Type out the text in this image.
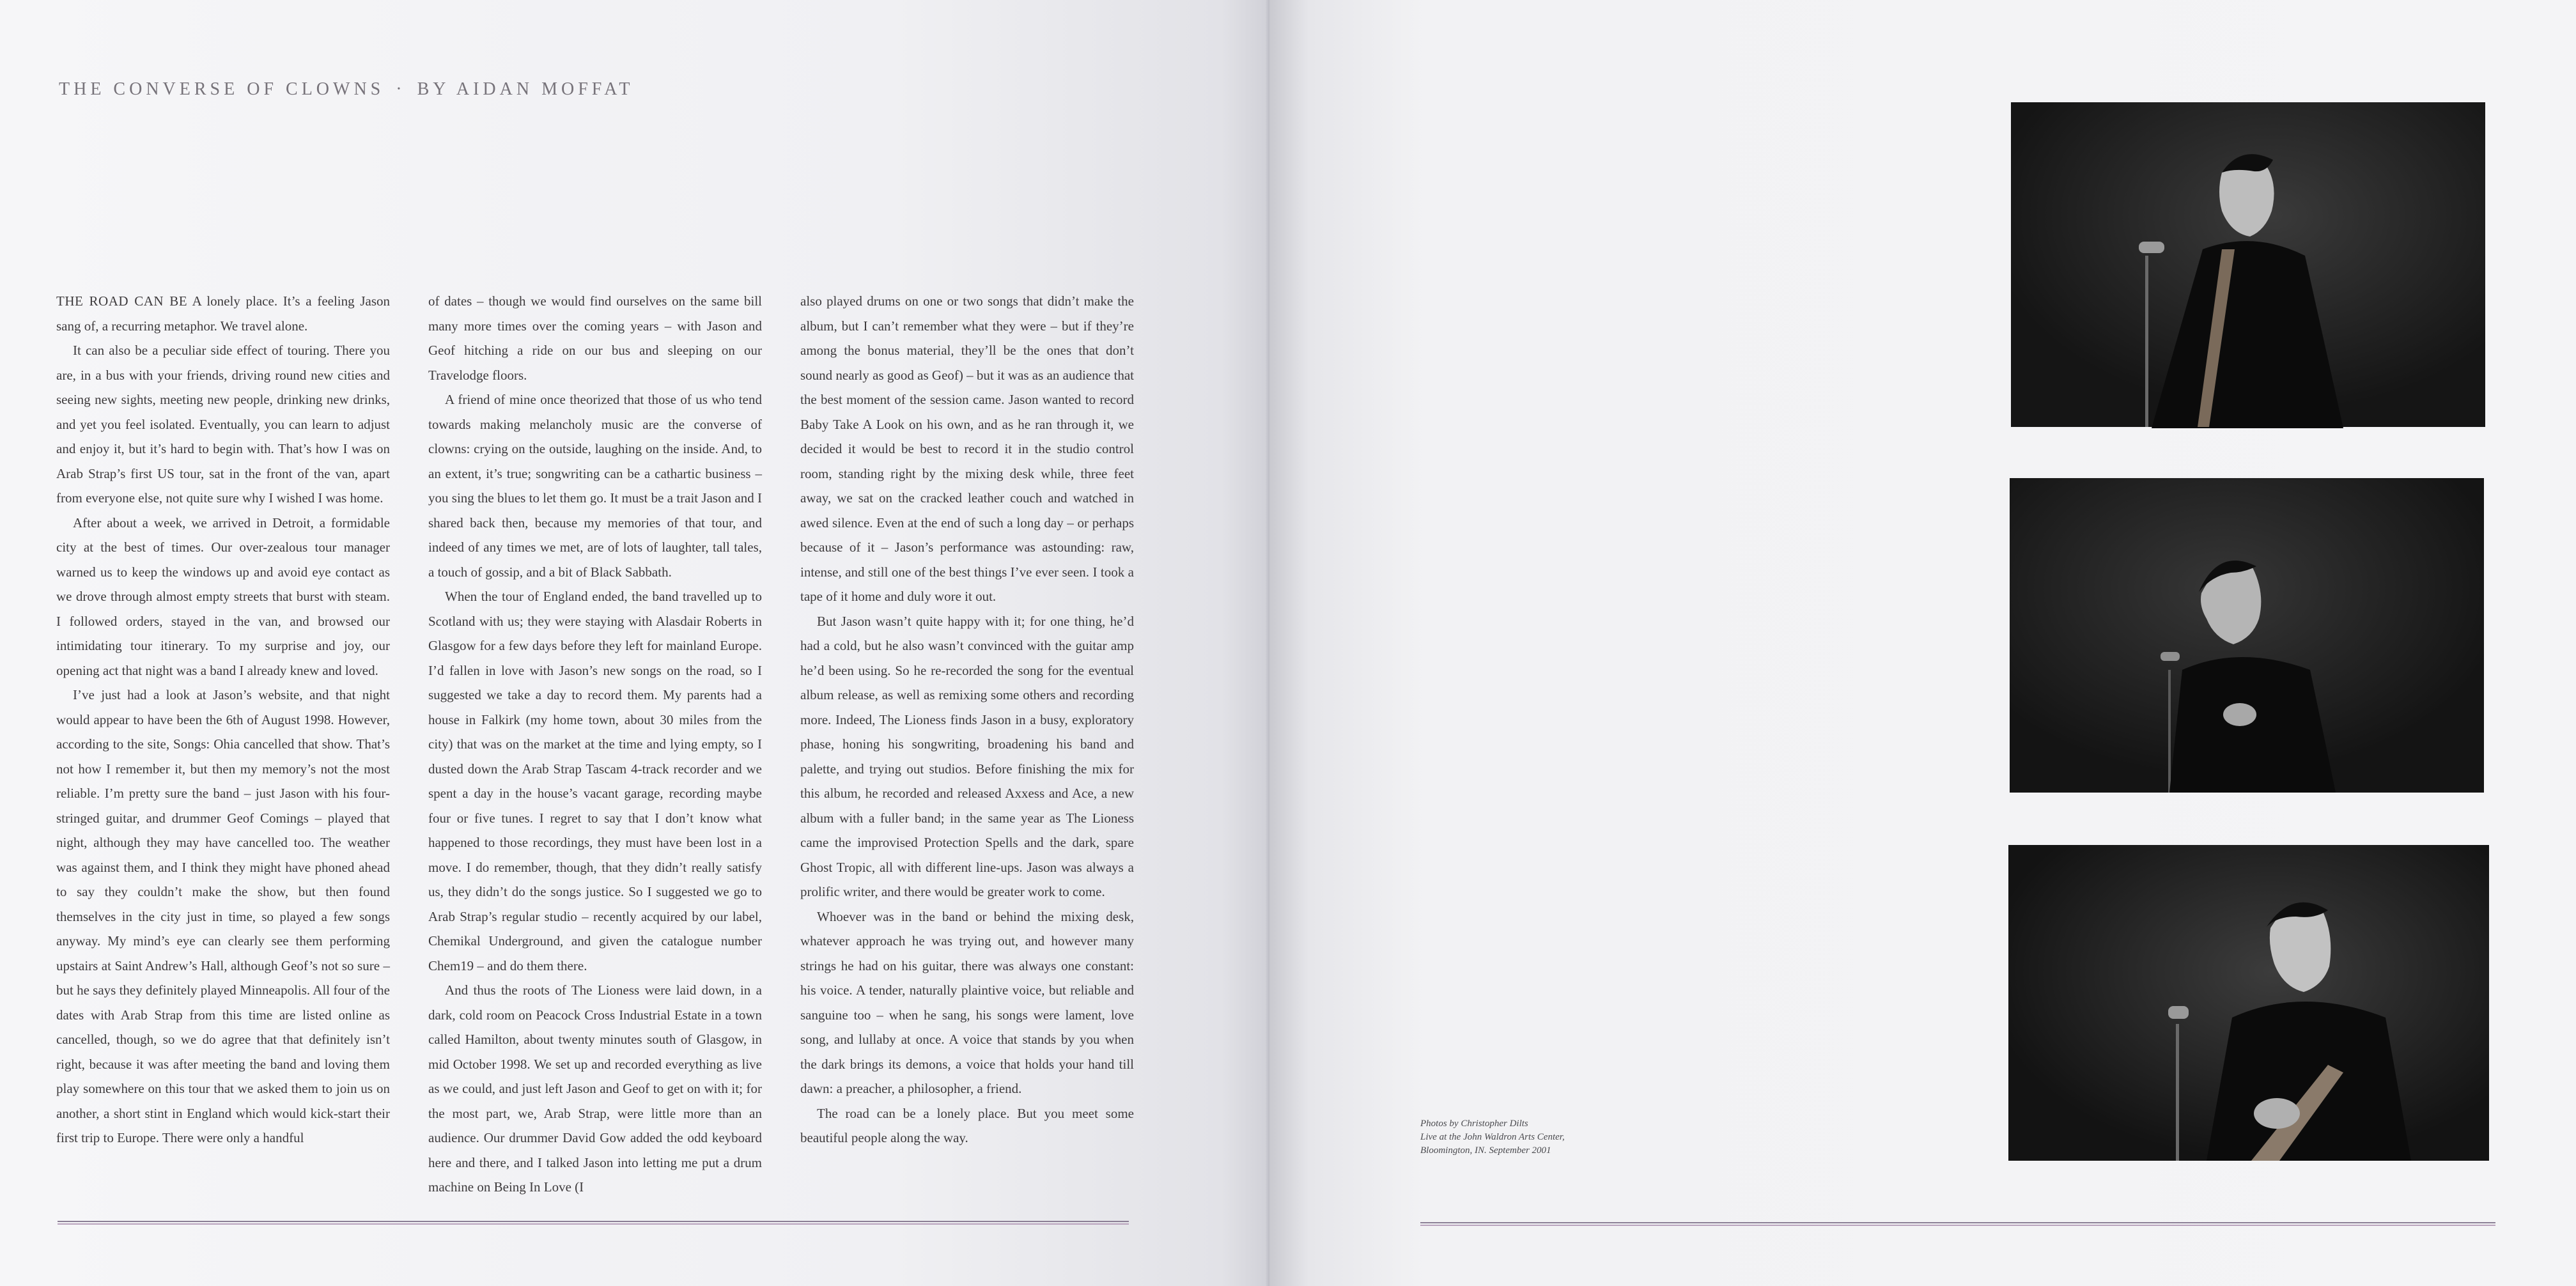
THE CONVERSE OF CLOWNS · BY AIDAN MOFFAT

THE ROAD CAN BE A lonely place. It’s a feeling Jason sang of, a recurring metaphor. We travel alone.

It can also be a peculiar side effect of touring. There you are, in a bus with your friends, driving round new cities and seeing new sights, meeting new people, drinking new drinks, and yet you feel isolated. Eventually, you can learn to adjust and enjoy it, but it’s hard to begin with. That’s how I was on Arab Strap’s first US tour, sat in the front of the van, apart from everyone else, not quite sure why I wished I was home.

After about a week, we arrived in Detroit, a formidable city at the best of times. Our over-zealous tour manager warned us to keep the windows up and avoid eye contact as we drove through almost empty streets that burst with steam. I followed orders, stayed in the van, and browsed our intimidating tour itinerary. To my surprise and joy, our opening act that night was a band I already knew and loved.

I’ve just had a look at Jason’s website, and that night would appear to have been the 6th of August 1998. However, according to the site, Songs: Ohia cancelled that show. That’s not how I remember it, but then my memory’s not the most reliable. I’m pretty sure the band – just Jason with his four-stringed guitar, and drummer Geof Comings – played that night, although they may have cancelled too. The weather was against them, and I think they might have phoned ahead to say they couldn’t make the show, but then found themselves in the city just in time, so played a few songs anyway. My mind’s eye can clearly see them performing upstairs at Saint Andrew’s Hall, although Geof’s not so sure – but he says they definitely played Minneapolis. All four of the dates with Arab Strap from this time are listed online as cancelled, though, so we do agree that that definitely isn’t right, because it was after meeting the band and loving them play somewhere on this tour that we asked them to join us on another, a short stint in England which would kick-start their first trip to Europe. There were only a handful

of dates – though we would find ourselves on the same bill many more times over the coming years – with Jason and Geof hitching a ride on our bus and sleeping on our Travelodge floors.

A friend of mine once theorized that those of us who tend towards making melancholy music are the converse of clowns: crying on the outside, laughing on the inside. And, to an extent, it’s true; songwriting can be a cathartic business – you sing the blues to let them go. It must be a trait Jason and I shared back then, because my memories of that tour, and indeed of any times we met, are of lots of laughter, tall tales, a touch of gossip, and a bit of Black Sabbath.

When the tour of England ended, the band travelled up to Scotland with us; they were staying with Alasdair Roberts in Glasgow for a few days before they left for mainland Europe. I’d fallen in love with Jason’s new songs on the road, so I suggested we take a day to record them. My parents had a house in Falkirk (my home town, about 30 miles from the city) that was on the market at the time and lying empty, so I dusted down the Arab Strap Tascam 4-track recorder and we spent a day in the house’s vacant garage, recording maybe four or five tunes. I regret to say that I don’t know what happened to those recordings, they must have been lost in a move. I do remember, though, that they didn’t really satisfy us, they didn’t do the songs justice. So I suggested we go to Arab Strap’s regular studio – recently acquired by our label, Chemikal Underground, and given the catalogue number Chem19 – and do them there.

And thus the roots of The Lioness were laid down, in a dark, cold room on Peacock Cross Industrial Estate in a town called Hamilton, about twenty minutes south of Glasgow, in mid October 1998. We set up and recorded everything as live as we could, and just left Jason and Geof to get on with it; for the most part, we, Arab Strap, were little more than an audience. Our drummer David Gow added the odd keyboard here and there, and I talked Jason into letting me put a drum machine on Being In Love (I

also played drums on one or two songs that didn’t make the album, but I can’t remember what they were – but if they’re among the bonus material, they’ll be the ones that don’t sound nearly as good as Geof) – but it was as an audience that the best moment of the session came. Jason wanted to record Baby Take A Look on his own, and as he ran through it, we decided it would be best to record it in the studio control room, standing right by the mixing desk while, three feet away, we sat on the cracked leather couch and watched in awed silence. Even at the end of such a long day – or perhaps because of it – Jason’s performance was astounding: raw, intense, and still one of the best things I’ve ever seen. I took a tape of it home and duly wore it out.

But Jason wasn’t quite happy with it; for one thing, he’d had a cold, but he also wasn’t convinced with the guitar amp he’d been using. So he re-recorded the song for the eventual album release, as well as remixing some others and recording more. Indeed, The Lioness finds Jason in a busy, exploratory phase, honing his songwriting, broadening his band and palette, and trying out studios. Before finishing the mix for this album, he recorded and released Axxess and Ace, a new album with a fuller band; in the same year as The Lioness came the improvised Protection Spells and the dark, spare Ghost Tropic, all with different line-ups. Jason was always a prolific writer, and there would be greater work to come.

Whoever was in the band or behind the mixing desk, whatever approach he was trying out, and however many strings he had on his guitar, there was always one constant: his voice. A tender, naturally plaintive voice, but reliable and sanguine too – when he sang, his songs were lament, love song, and lullaby at once. A voice that stands by you when the dark brings its demons, a voice that holds your hand till dawn: a preacher, a philosopher, a friend.

The road can be a lonely place. But you meet some beautiful people along the way.

Photos by Christopher Dilts
Live at the John Waldron Arts Center,
Bloomington, IN. September 2001
